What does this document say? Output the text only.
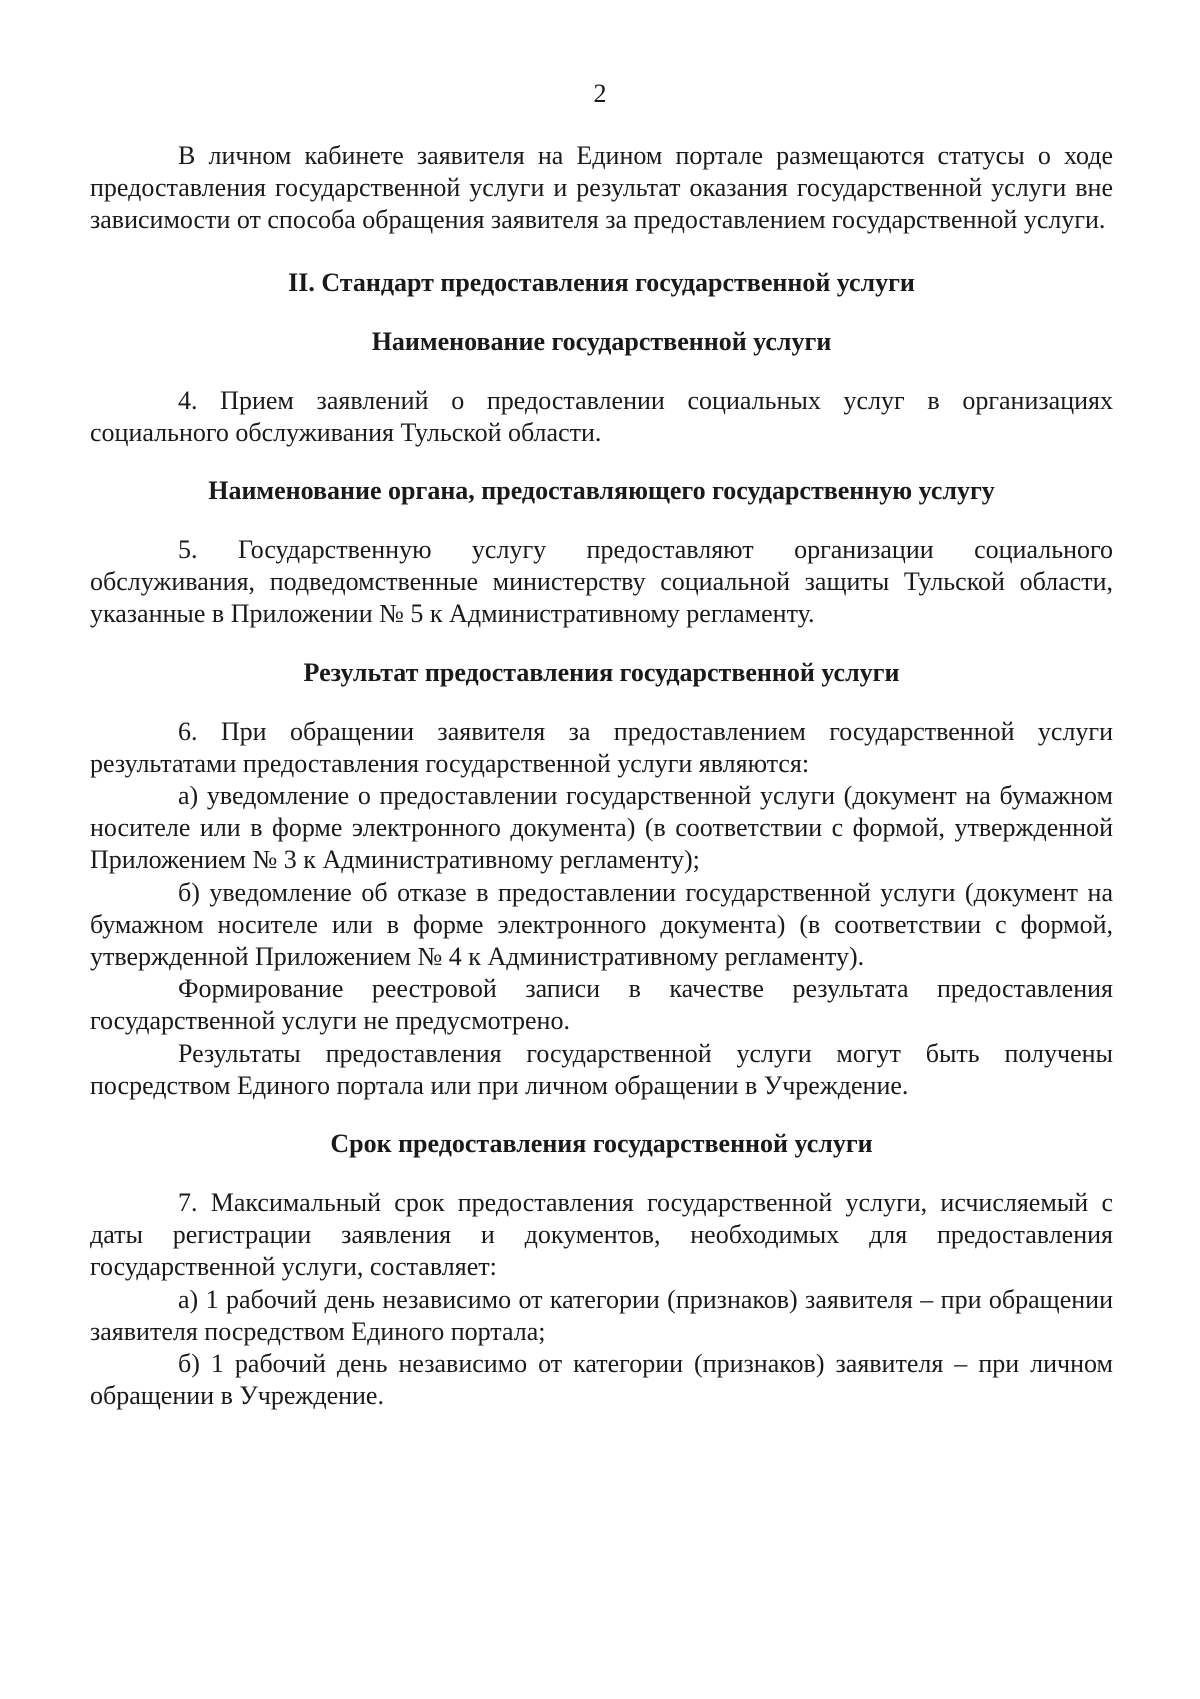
2

В личном кабинете заявителя на Едином портале размещаются статусы о ходе предоставления государственной услуги и результат оказания государственной услуги вне зависимости от способа обращения заявителя за предоставлением государственной услуги.

II. Стандарт предоставления государственной услуги
Наименование государственной услуги

4. Прием заявлений о предоставлении социальных услуг в организациях социального обслуживания Тульской области.

Наименование органа, предоставляющего государственную услугу

5. Государственную услугу предоставляют организации социального обслуживания, подведомственные министерству социальной защиты Тульской области, указанные в Приложении № 5 к Административному регламенту.

Результат предоставления государственной услуги

6. При обращении заявителя за предоставлением государственной услуги результатами предоставления государственной услуги являются:

а) уведомление о предоставлении государственной услуги (документ на бумажном носителе или в форме электронного документа) (в соответствии с формой, утвержденной Приложением № 3 к Административному регламенту);

б) уведомление об отказе в предоставлении государственной услуги (документ на бумажном носителе или в форме электронного документа) (в соответствии с формой, утвержденной Приложением № 4 к Административному регламенту).

Формирование реестровой записи в качестве результата предоставления государственной услуги не предусмотрено.

Результаты предоставления государственной услуги могут быть получены посредством Единого портала или при личном обращении в Учреждение.

Срок предоставления государственной услуги

7. Максимальный срок предоставления государственной услуги, исчисляемый с даты регистрации заявления и документов, необходимых для предоставления государственной услуги, составляет:

а) 1 рабочий день независимо от категории (признаков) заявителя – при обращении заявителя посредством Единого портала;

б) 1 рабочий день независимо от категории (признаков) заявителя – при личном обращении в Учреждение.
